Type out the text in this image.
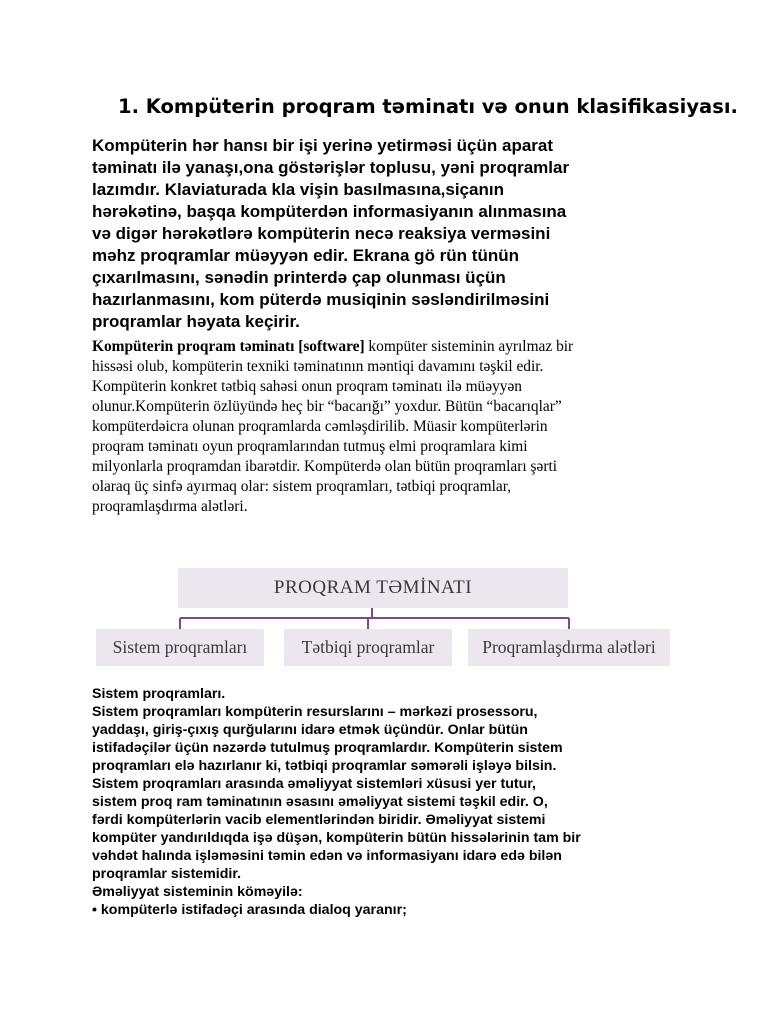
1. Kompüterin proqram təminatı və onun klasifikasiyası.
Kompüterin hər hansı bir işi yerinə yetirməsi üçün aparat
təminatı ilə yanaşı,ona göstərişlər toplusu, yəni proqramlar
lazımdır. Klaviaturada kla vişin basılmasına,siçanın
hərəkətinə, başqa kompüterdən informasiyanın alınmasına
və digər hərəkətlərə kompüterin necə reaksiya verməsini
məhz proqramlar müəyyən edir. Ekrana gö rün tünün
çıxarılmasını, sənədin printerdə çap olunması üçün
hazırlanmasını, kom püterdə musiqinin səsləndirilməsini
proqramlar həyata keçirir.
Kompüterin proqram təminatı [software] kompüter sisteminin ayrılmaz bir
hissəsi olub, kompüterin texniki təminatının məntiqi davamını təşkil edir.
Kompüterin konkret tətbiq sahəsi onun proqram təminatı ilə müəyyən
olunur.Kompüterin özlüyündə heç bir “bacarığı” yoxdur. Bütün “bacarıqlar”
kompüterdəicra olunan proqramlarda cəmləşdirilib. Müasir kompüterlərin
proqram təminatı oyun proqramlarından tutmuş elmi proqramlara kimi
milyonlarla proqramdan ibarətdir. Kompüterdə olan bütün proqramları şərti
olaraq üç sinfə ayırmaq olar: sistem proqramları, tətbiqi proqramlar,
proqramlaşdırma alətləri.
PROQRAM TƏMİNATI
Sistem proqramları	Tətbiqi proqramlar	Proqramlaşdırma alətləri
Sistem proqramları.
Sistem proqramları kompüterin resurslarını – mərkəzi prosessoru,
yaddaşı, giriş-çıxış qurğularını idarə etmək üçündür. Onlar bütün
istifadəçilər üçün nəzərdə tutulmuş proqramlardır. Kompüterin sistem
proqramları elə hazırlanır ki, tətbiqi proqramlar səmərəli işləyə bilsin.
Sistem proqramları arasında əməliyyat sistemləri xüsusi yer tutur,
sistem proq ram təminatının əsasını əməliyyat sistemi təşkil edir. O,
fərdi kompüterlərin vacib elementlərindən biridir. Əməliyyat sistemi
kompüter yandırıldıqda işə düşən, kompüterin bütün hissələrinin tam bir
vəhdət halında işləməsini təmin edən və informasiyanı idarə edə bilən
proqramlar sistemidir.
Əməliyyat sisteminin köməyilə:
• kompüterlə istifadəçi arasında dialoq yaranır;
